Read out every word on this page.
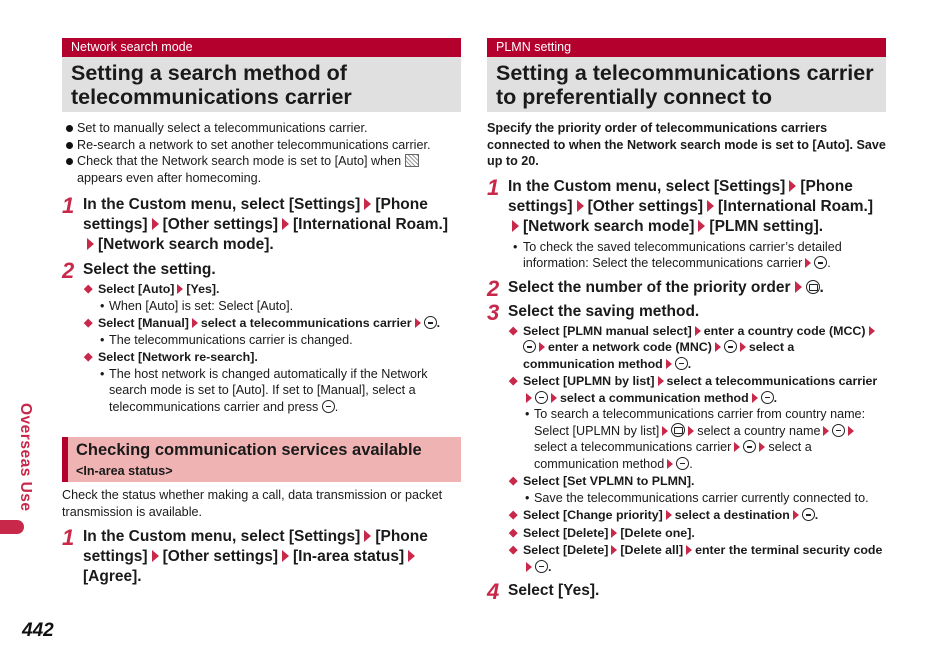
Network search mode
Setting a search method of telecommunications carrier
Set to manually select a telecommunications carrier.
Re-search a network to set another telecommunications carrier.
Check that the Network search mode is set to [Auto] when
appears even after homecoming.
1 In the Custom menu, select [Settings] [Phone settings] [Other settings] [International Roam.][Network search mode].
2 Select the setting.
◆ Select [Auto] [Yes].
• When [Auto] is set: Select [Auto].
◆ Select [Manual] select a telecommunications carrier .
• The telecommunications carrier is changed.
◆ Select [Network re-search].
• The host network is changed automatically if the Network search mode is set to [Auto]. If set to [Manual], select a telecommunications carrier and press .
Checking communication services available
<In-area status>
Check the status whether making a call, data transmission or packet transmission is available.
1 In the Custom menu, select [Settings] [Phone settings] [Other settings] [In-area status][Agree].
PLMN setting
Setting a telecommunications carrier to preferentially connect to
Specify the priority order of telecommunications carriers connected to when the Network search mode is set to [Auto]. Save up to 20.
1 In the Custom menu, select [Settings] [Phone settings] [Other settings] [International Roam.][Network search mode] [PLMN setting].
• To check the saved telecommunications carrier’s detailed information: Select the telecommunications carrier .
2 Select the number of the priority order .
3 Select the saving method.
◆ Select [PLMN manual select] enter a country code (MCC)enter a network code (MNC)	select a communication method .
◆ Select [UPLMN by list] select a telecommunications carrierselect a communication method .
• To search a telecommunications carrier from country name: Select [UPLMN by list]	select a country nameselect a telecommunications carrier	select a communication method .
◆ Select [Set VPLMN to PLMN].
• Save the telecommunications carrier currently connected to.
◆ Select [Change priority] select a destination .
◆ Select [Delete] [Delete one].
◆ Select [Delete] [Delete all] enter the terminal security code.
4 Select [Yes].
Overseas Use
442
